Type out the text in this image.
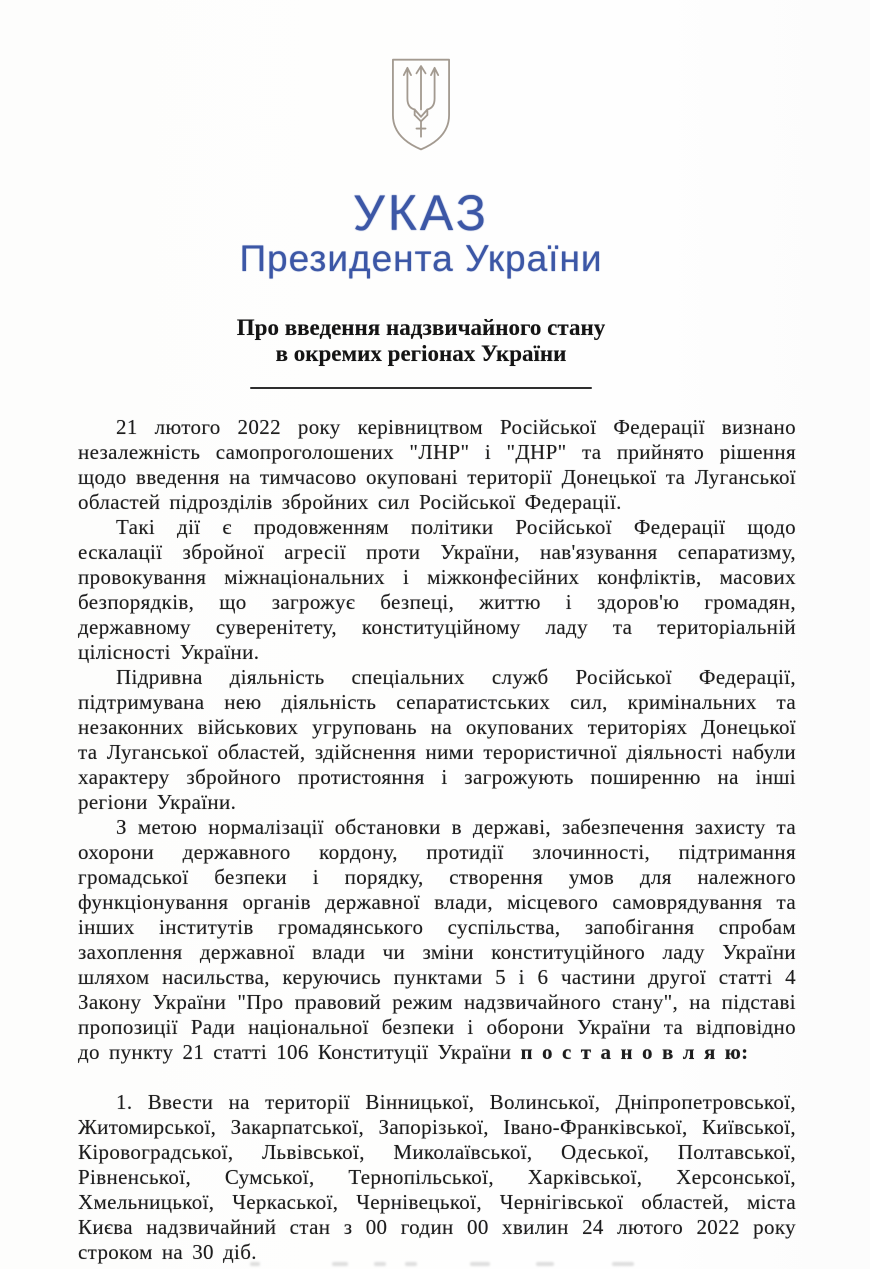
УКАЗ

Президента України

Про введення надзвичайного стану

в окремих регіонах України

21 лютого 2022 року керівництвом Російської Федерації визнано незалежність самопроголошених "ЛНР" і "ДНР" та прийнято рішення щодо введення на тимчасово окуповані території Донецької та Луганської областей підрозділів збройних сил Російської Федерації.

Такі дії є продовженням політики Російської Федерації щодо ескалації збройної агресії проти України, нав'язування сепаратизму, провокування міжнаціональних і міжконфесійних конфліктів, масових безпорядків, що загрожує безпеці, життю і здоров'ю громадян, державному суверенітету, конституційному ладу та територіальній цілісності України.

Підривна діяльність спеціальних служб Російської Федерації, підтримувана нею діяльність сепаратистських сил, кримінальних та незаконних військових угруповань на окупованих територіях Донецької та Луганської областей, здійснення ними терористичної діяльності набули характеру збройного протистояння і загрожують поширенню на інші регіони України.

З метою нормалізації обстановки в державі, забезпечення захисту та охорони державного кордону, протидії злочинності, підтримання громадської безпеки і порядку, створення умов для належного функціонування органів державної влади, місцевого самоврядування та інших інститутів громадянського суспільства, запобігання спробам захоплення державної влади чи зміни конституційного ладу України шляхом насильства, керуючись пунктами 5 і 6 частини другої статті 4 Закону України "Про правовий режим надзвичайного стану", на підставі пропозиції Ради національної безпеки і оборони України та відповідно до пункту 21 статті 106 Конституції України п о с т а н о в л я ю:

1. Ввести на території Вінницької, Волинської, Дніпропетровської, Житомирської, Закарпатської, Запорізької, Івано-Франківської, Київської, Кіровоградської, Львівської, Миколаївської, Одеської, Полтавської, Рівненської, Сумської, Тернопільської, Харківської, Херсонської, Хмельницької, Черкаської, Чернівецької, Чернігівської областей, міста Києва надзвичайний стан з 00 годин 00 хвилин 24 лютого 2022 року строком на 30 діб.
